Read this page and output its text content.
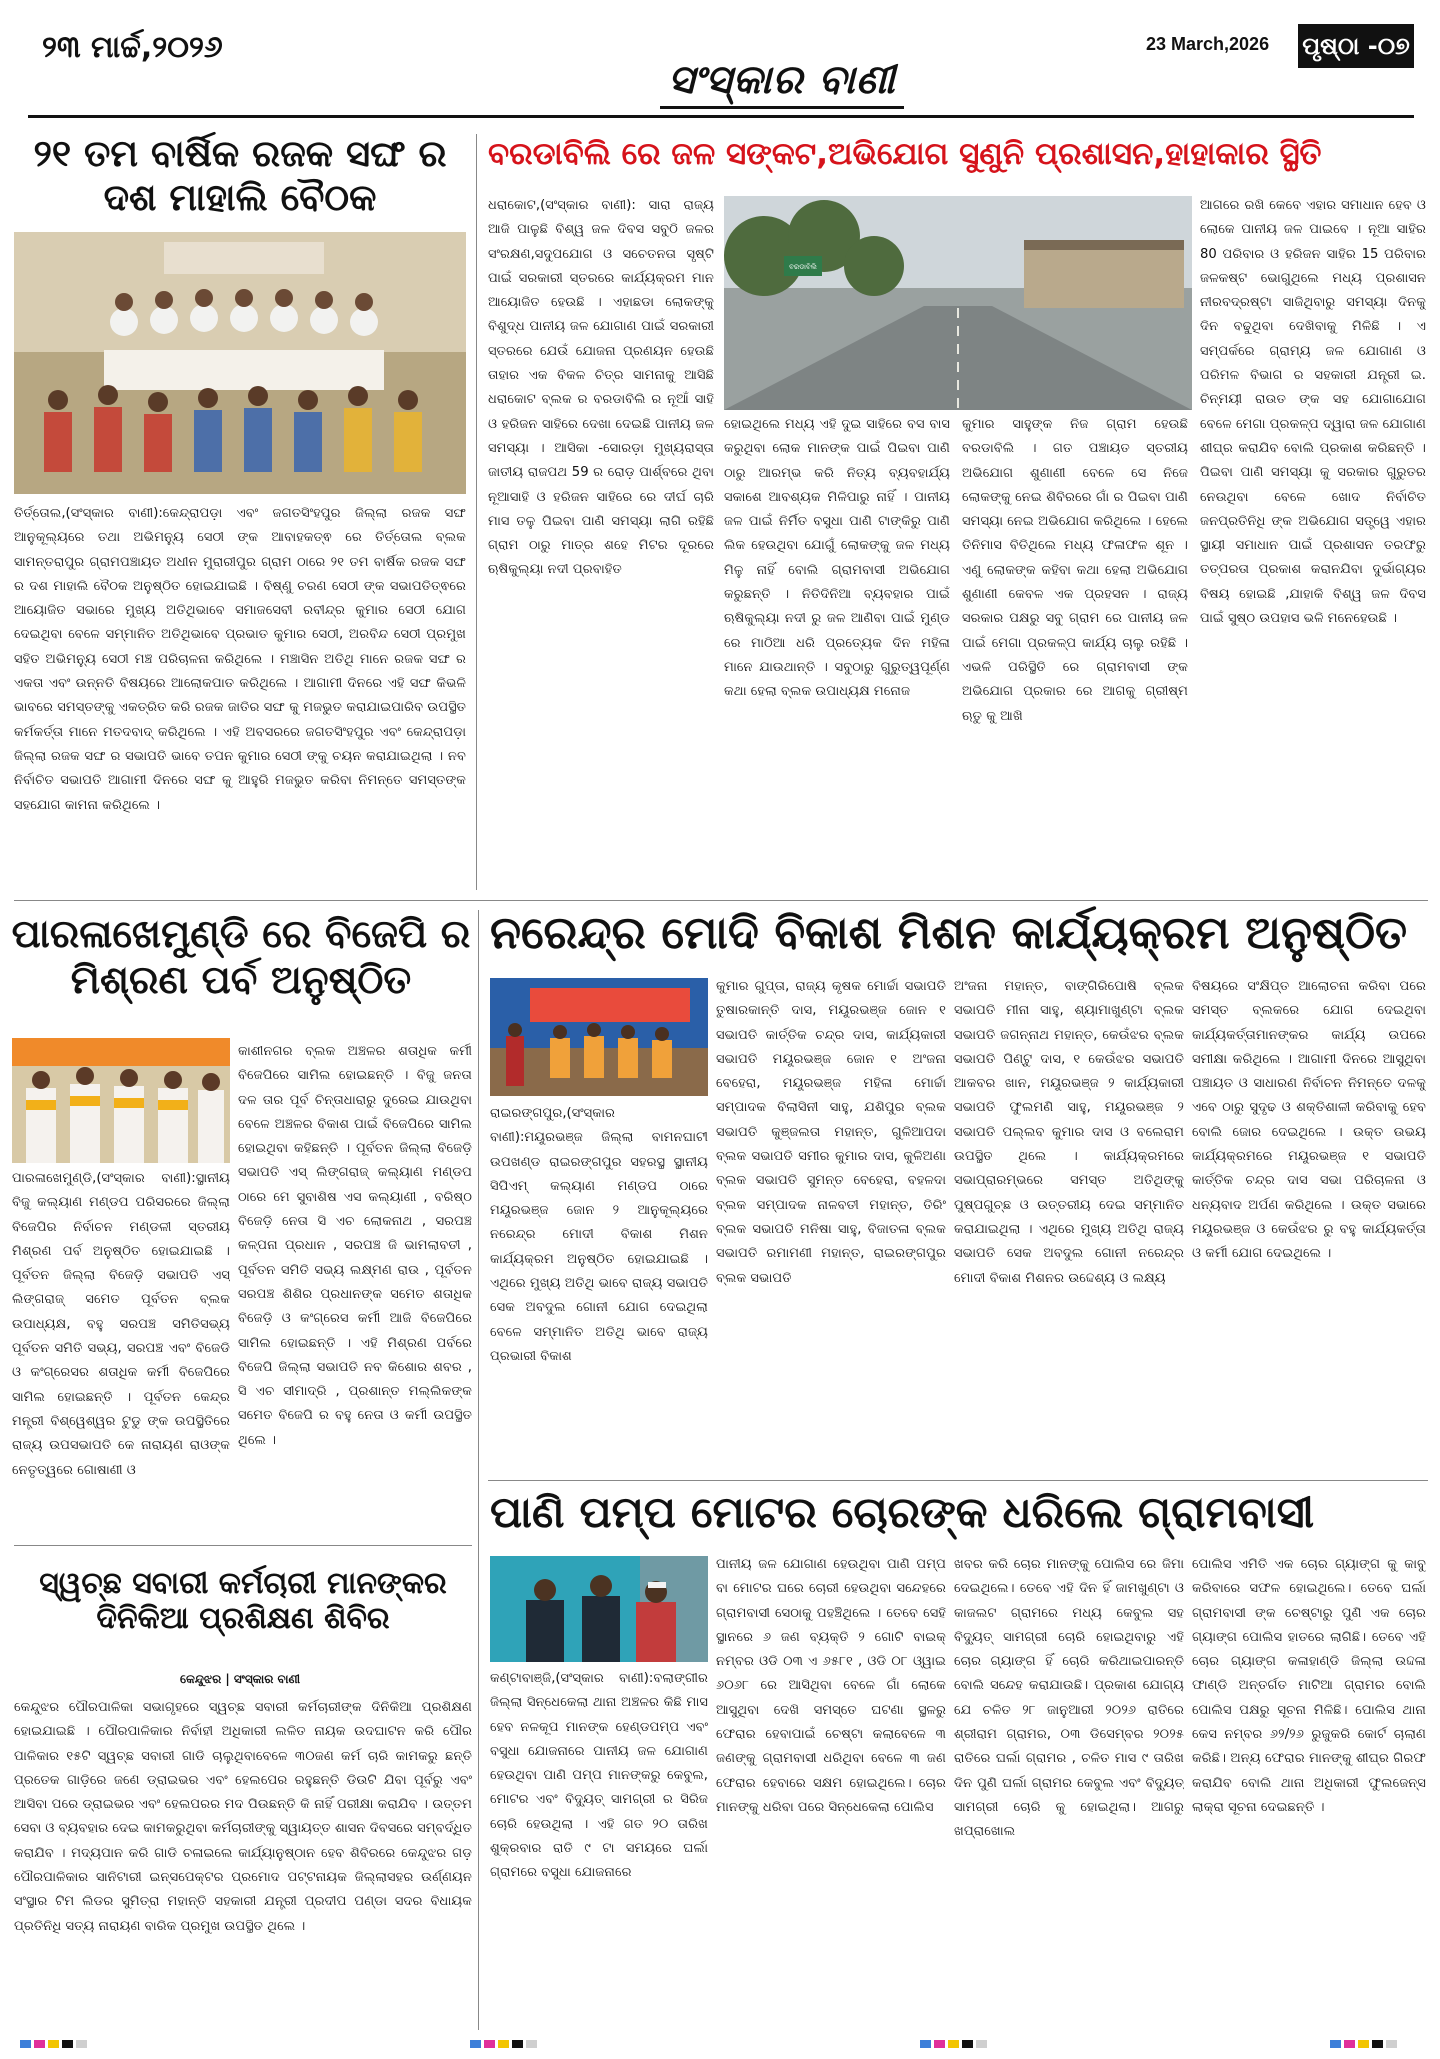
୨୩ ମାର୍ଚ୍ଚ,୨୦୨୬
ସଂସ୍କାର ବାଣୀ
23 March,2026 ପୃଷ୍ଠା -୦୭
୨୧ ତମ ବାର୍ଷିକ ରଜକ ସଙ୍ଘ ର ଦଶ ମାହାଲି ବୈଠକ
ତିର୍ତ୍ତୋଲ,(ସଂସ୍କାର ବାଣୀ):କେନ୍ଦ୍ରାପଡ଼ା ଏବଂ ଜଗତସିଂହପୁର ଜିଲ୍ଲା ରଜକ ସଙ୍ଘ ଆନୁକୂଲ୍ୟରେ ତଥା ଅଭିମନ୍ୟୁ ସେଠୀ ଙ୍କ ଆବାହକତ୍ଵ ରେ ତିର୍ତ୍ତୋଲ ବ୍ଲକ ସାମନ୍ତରାପୁର ଗ୍ରାମପଞ୍ଚାୟତ ଅଧୀନ ମୁରାରୀପୁର ଗ୍ରାମ ଠାରେ ୨୧ ତମ ବାର୍ଷିକ ରଜକ ସଙ୍ଘ ର ଦଶ ମାହାଲି ବୈଠକ ଅନୁଷ୍ଠିତ ହୋଇଯାଇଛି । ବିଷ୍ଣୁ ଚରଣ ସେଠୀ ଙ୍କ ସଭାପତିତ୍ଵରେ ଆୟୋଜିତ ସଭାରେ ମୁଖ୍ୟ ଅତିଥିଭାବେ ସମାଜସେବୀ ରବୀନ୍ଦ୍ର କୁମାର ସେଠୀ ଯୋଗ ଦେଇଥିବା ବେଳେ ସମ୍ମାନିତ ଅତିଥିଭାବେ ପ୍ରଭାତ କୁମାର ସେଠୀ, ଅରବିନ୍ଦ ସେଠୀ ପ୍ରମୁଖ ସହିତ ଅଭିମନ୍ୟୁ ସେଠୀ ମଞ୍ଚ ପରିଚାଳନା କରିଥିଲେ । ମଞ୍ଚାସିନ ଅତିଥି ମାନେ ରଜକ ସଙ୍ଘ ର ଏକତା ଏବଂ ଉନ୍ନତି ବିଷୟରେ ଆଲୋକପାତ କରିଥିଲେ । ଆଗାମୀ ଦିନରେ ଏହି ସଙ୍ଘ କିଭଳି ଭାବରେ ସମସ୍ତଙ୍କୁ ଏକତ୍ରିତ କରି ରଜକ ଜାତିର ସଙ୍ଘ କୁ ମଜଭୁତ କରାଯାଇପାରିବ ଉପସ୍ଥିତ କର୍ମକର୍ତ୍ତା ମାନେ ମତଦବାଦ୍ କରିଥିଲେ । ଏହି ଅବସରରେ ଜଗତସିଂହପୁର ଏବଂ କେନ୍ଦ୍ରାପଡ଼ା ଜିଲ୍ଲା ରଜକ ସଙ୍ଘ ର ସଭାପତି ଭାବେ ତପନ କୁମାର ସେଠୀ ଙ୍କୁ ଚୟନ କରାଯାଇଥିଲା । ନବ ନିର୍ବାଚିତ ସଭାପତି ଆଗାମୀ ଦିନରେ ସଙ୍ଘ କୁ ଆହୁରି ମଜଭୁତ କରିବା ନିମନ୍ତେ ସମସ୍ତଙ୍କ ସହଯୋଗ କାମନା କରିଥିଲେ ।
ବରଡାବିଲି ରେ ଜଳ ସଙ୍କଟ,ଅଭିଯୋଗ ସୁଣୁନି ପ୍ରଶାସନ,ହାହାକାର ସ୍ଥିତି
ବରଡାବିଲି
ଧରାକୋଟ,(ସଂସ୍କାର ବାଣୀ): ସାରା ରାଜ୍ୟ ଆଜି ପାଳୁଛି ବିଶ୍ୱ ଜଳ ଦିବସ ସବୁଠି ଜଳର ସଂରକ୍ଷଣ,ସଦୁପଯୋଗ ଓ ସଚେତନତା ସୃଷ୍ଟି ପାଇଁ ସରକାରୀ ସ୍ତରରେ କାର୍ଯ୍ୟକ୍ରମ ମାନ ଆୟୋଜିତ ହେଉଛି । ଏହାଛଡା ଲୋକଙ୍କୁ ବିଶୁଦ୍ଧ ପାନୀୟ ଜଳ ଯୋଗାଣ ପାଇଁ ସରକାରୀ ସ୍ତରରେ ଯେଉଁ ଯୋଜନା ପ୍ରଣୟନ ହେଉଛି ତାହାର ଏକ ବିକଳ ଚିତ୍ର ସାମନାକୁ ଆସିଛି ଧରାକୋଟ ବ୍ଲକ ର ବରଡାବିଲି ର ନୂଆଁ ସାହି ଓ ହରିଜନ ସାହିରେ ଦେଖା ଦେଇଛି ପାନୀୟ ଜଳ ସମସ୍ୟା । ଆସିକା -ସୋରଡ଼ା ମୁଖ୍ୟରାସ୍ତା ଜାତୀୟ ରାଜପଥ 59 ର ରୋଡ଼ ପାର୍ଶ୍ବରେ ଥିବା ନୂଆସାହି ଓ ହରିଜନ ସାହିରେ ରେ ଦୀର୍ଘ ଚାରି ମାସ ତଳୁ ପିଇବା ପାଣି ସମସ୍ୟା ଲାଗି ରହିଛି ଗ୍ରାମ ଠାରୁ ମାତ୍ର ଶହେ ମିଟର ଦୂରରେ ଋଷିକୁଲ୍ୟା ନଦୀ ପ୍ରବାହିତ
ହୋଇଥିଲେ ମଧ୍ୟ ଏହି ଦୁଇ ସାହିରେ ବସ ବାସ କରୁଥିବା ଲୋକ ମାନଙ୍କ ପାଇଁ ପିଇବା ପାଣି ଠାରୁ ଆରମ୍ଭ କରି ନିତ୍ୟ ବ୍ୟବହାର୍ଯ୍ୟ ସକାଶେ ଆବଶ୍ୟକ ମିଳିପାରୁ ନାହିଁ । ପାନୀୟ ଜଳ ପାଇଁ ନିର୍ମିତ ବସୁଧା ପାଣି ଟାଙ୍କିରୁ ପାଣି ଲିକ ହେଉଥିବା ଯୋଗୁଁ ଲୋକଙ୍କୁ ଜଳ ମଧ୍ୟ ମିଳୁ ନାହିଁ ବୋଲି ଗ୍ରାମବାସୀ ଅଭିଯୋଗ କରୁଛନ୍ତି । ନିତିଦିନିଆ ବ୍ୟବହାର ପାଇଁ ଋଷିକୁଲ୍ୟା ନଦୀ ରୁ ଜଳ ଆଣିବା ପାଇଁ ମୁଣ୍ଡ ରେ ମାଠିଆ ଧରି ପ୍ରତ୍ୟେକ ଦିନ ମହିଳା ମାନେ ଯାଉଥାନ୍ତି । ସବୁଠାରୁ ଗୁରୁତ୍ୱପୂର୍ଣ୍ଣ କଥା ହେଲା ବ୍ଲକ ଉପାଧ୍ୟକ୍ଷ ମନୋଜ
କୁମାର ସାହୁଙ୍କ ନିଜ ଗ୍ରାମ ହେଉଛି ବରଡାବିଲି । ଗତ ପଞ୍ଚାୟତ ସ୍ତରୀୟ ଅଭିଯୋଗ ଶୁଣାଣୀ ବେଳେ ସେ ନିଜେ ଲୋକଙ୍କୁ ନେଇ ଶିବିରରେ ଗାଁ ର ପିଇବା ପାଣି ସମସ୍ୟା ନେଇ ଅଭିଯୋଗ କରିଥିଲେ । ହେଲେ ତିନିମାସ ବିତିଥିଲେ ମଧ୍ୟ ଫଳାଫଳ ଶୂନ । ଏଣୁ ଲୋକଙ୍କ କହିବା କଥା ହେଲା ଅଭିଯୋଗ ଶୁଣାଣୀ କେବଳ ଏକ ପ୍ରହସନ । ରାଜ୍ୟ ସରକାର ପକ୍ଷରୁ ସବୁ ଗ୍ରାମ ରେ ପାନୀୟ ଜଳ ପାଇଁ ମେଗା ପ୍ରକଳ୍ପ କାର୍ଯ୍ୟ ଚାଲୁ ରହିଛି । ଏଭଳି ପରିସ୍ଥିତି ରେ ଗ୍ରାମବାସୀ ଙ୍କ ଅଭିଯୋଗ ପ୍ରକାର ରେ ଆଗକୁ ଗ୍ରୀଷ୍ମ ଋତୁ କୁ ଆଖି
ଆଗରେ ରଖି କେବେ ଏହାର ସମାଧାନ ହେବ ଓ ଲୋକେ ପାନୀୟ ଜଳ ପାଇବେ । ନୂଆ ସାହିର 80 ପରିବାର ଓ ହରିଜନ ସାହିର 15 ପରିବାର ଜଳକଷ୍ଟ ଭୋଗୁଥିଲେ ମଧ୍ୟ ପ୍ରଶାସନ ନୀରବଦ୍ରଷ୍ଟା ସାଜିଥିବାରୁ ସମସ୍ୟା ଦିନକୁ ଦିନ ବଢୁଥିବା ଦେଖିବାକୁ ମିଳିଛି । ଏ ସମ୍ପର୍କରେ ଗ୍ରାମ୍ୟ ଜଳ ଯୋଗାଣ ଓ ପରିମଳ ବିଭାଗ ର ସହକାରୀ ଯନ୍ତ୍ରୀ ଇ. ଚିନ୍ମୟୀ ରାଉତ ଙ୍କ ସହ ଯୋଗାଯୋଗ ବେଳେ ମେଗା ପ୍ରକଳ୍ପ ଦ୍ୱାରା ଜଳ ଯୋଗାଣ ଶୀଘ୍ର କରାଯିବ ବୋଲି ପ୍ରକାଶ କରିଛନ୍ତି । ପିଇବା ପାଣି ସମସ୍ୟା କୁ ସରକାର ଗୁରୁତର ନେଉଥିବା ବେଳେ ଖୋଦ ନିର୍ବାଚିତ ଜନପ୍ରତିନିଧି ଙ୍କ ଅଭିଯୋଗ ସତ୍ତ୍ୱେ ଏହାର ସ୍ଥାୟୀ ସମାଧାନ ପାଇଁ ପ୍ରଶାସନ ତରଫରୁ ତତ୍ପରତା ପ୍ରକାଶ କରାନଯିବା ଦୁର୍ଭାଗ୍ୟର ବିଷୟ ହୋଇଛି ,ଯାହାକି ବିଶ୍ୱ ଜଳ ଦିବସ ପାଇଁ ସୁଷ୍ଠ ଉପହାସ ଭଳି ମନେହେଉଛି ।
ପାରଳାଖେମୁଣ୍ଡି ରେ ବିଜେପି ର ମିଶ୍ରଣ ପର୍ବ ଅନୁଷ୍ଠିତ
କାଶୀନଗର ବ୍ଲକ ଅଞ୍ଚଳର ଶତାଧିକ କର୍ମୀ ବିଜେପିରେ ସାମିଲ ହୋଇଛନ୍ତି । ବିଜୁ ଜନତା ଦଳ ତାର ପୂର୍ବ ଚିନ୍ତାଧାରାରୁ ଦୁରେଇ ଯାଉଥିବା ବେଳେ ଅଞ୍ଚଳର ବିକାଶ ପାଇଁ ବିଜେପିରେ ସାମିଲ ହୋଇଥିବା କହିଛନ୍ତି । ପୂର୍ବତନ ଜିଲ୍ଲା ବିଜେଡ଼ି ସଭାପତି ଏସ୍ ଲିଙ୍ଗରାଜ୍ କଲ୍ୟାଣ ମଣ୍ଡପ ଠାରେ ମେ ସୁବାଶିଷ ଏସ କଲ୍ୟାଣୀ , ବରିଷ୍ଠ ବିଜେଡ଼ି ନେତା ସି ଏଚ ଲୋକନାଥ , ସରପଞ୍ଚ କଳ୍ପନା ପ୍ରଧାନ , ସରପଞ୍ଚ ଜି ଭାମଲାବତୀ , ପୂର୍ବତନ ସମିତି ସଭ୍ୟ ଲକ୍ଷ୍ମଣ ରାଉ , ପୂର୍ବତନ ସରପଞ୍ଚ ଶିଶିର ପ୍ରଧାନଙ୍କ ସମେତ ଶତାଧିକ ବିଜେଡ଼ି ଓ କଂଗ୍ରେସ କର୍ମୀ ଆଜି ବିଜେପିରେ ସାମିଲ ହୋଇଛନ୍ତି । ଏହି ମିଶ୍ରଣ ପର୍ବରେ ବିଜେପି ଜିଲ୍ଲା ସଭାପତି ନବ କିଶୋର ଶବର , ସି ଏଚ ସୀମାଦ୍ରି , ପ୍ରଶାନ୍ତ ମଲ୍ଲିକଙ୍କ ସମେତ ବିଜେପି ର ବହୁ ନେତା ଓ କର୍ମୀ ଉପସ୍ଥିତ ଥିଲେ ।
ପାରଳାଖେମୁଣ୍ଡି,(ସଂସ୍କାର ବାଣୀ):ସ୍ଥାନୀୟ ବିଜୁ କଲ୍ୟାଣ ମଣ୍ଡପ ପରିସରରେ ଜିଲ୍ଲା ବିଜେପିର ନିର୍ବାଚନ ମଣ୍ଡଳୀ ସ୍ତରୀୟ ମିଶ୍ରଣ ପର୍ବ ଅନୁଷ୍ଠିତ ହୋଇଯାଇଛି । ପୂର୍ବତନ ଜିଲ୍ଲା ବିଜେଡ଼ି ସଭାପତି ଏସ୍ ଲିଙ୍ଗରାଜ୍ ସମେତ ପୂର୍ବତନ ବ୍ଲକ ଉପାଧ୍ୟକ୍ଷ, ବହୁ ସରପଞ୍ଚ ସମିତିସଭ୍ୟ ପୂର୍ବତନ ସମିତି ସଭ୍ୟ, ସରପଞ୍ଚ ଏବଂ ବିଜେଡି ଓ କଂଗ୍ରେସର ଶତାଧିକ କର୍ମୀ ବିଜେପିରେ ସାମିଲ ହୋଇଛନ୍ତି । ପୂର୍ବତନ କେନ୍ଦ୍ର ମନ୍ତ୍ରୀ ବିଶ୍ୱେଶ୍ୱର ଟୁଡୁ ଙ୍କ ଉପସ୍ଥିତିରେ ରାଜ୍ୟ ଉପସଭାପତି କେ ନାରାୟଣ ରାଓଙ୍କ ନେତୃତ୍ୱରେ ଗୋଷାଣୀ ଓ
ନରେନ୍ଦ୍ର ମୋଦି ବିକାଶ ମିଶନ କାର୍ଯ୍ୟକ୍ରମ ଅନୁଷ୍ଠିତ
ରାଇରଙ୍ଗପୁର,(ସଂସ୍କାର ବାଣୀ):ମୟୂରଭଞ୍ଜ ଜିଲ୍ଲା ବାମନଘାଟୀ ଉପଖଣ୍ଡ ରାଇରଙ୍ଗପୁର ସହରସ୍ଥ ସ୍ଥାନୀୟ ସିପିଏମ୍ କଲ୍ୟାଣ ମଣ୍ଡପ ଠାରେ ମୟୂରଭଞ୍ଜ ଜୋନ ୨ ଆନୁକୂଲ୍ୟରେ ନରେନ୍ଦ୍ର ମୋଦୀ ବିକାଶ ମିଶନ କାର୍ଯ୍ୟକ୍ରମ ଅନୁଷ୍ଠିତ ହୋଇଯାଇଛି । ଏଥିରେ ମୁଖ୍ୟ ଅତିଥି ଭାବେ ରାଜ୍ୟ ସଭାପତି ସେକ ଅବଦୁଲ ଗୋନୀ ଯୋଗ ଦେଇଥିଲା ବେଳେ ସମ୍ମାନିତ ଅତିଥି ଭାବେ ରାଜ୍ୟ ପ୍ରଭାରୀ ବିକାଶ
କୁମାର ଗୁପ୍ତା, ରାଜ୍ୟ କୃଷକ ମୋର୍ଚ୍ଚା ସଭାପତି ତୁଷାରକାନ୍ତି ଦାସ, ମୟୂରଭଞ୍ଜ ଜୋନ ୧ ସଭାପତି କାର୍ତ୍ତିକ ଚନ୍ଦ୍ର ଦାସ, କାର୍ଯ୍ୟକାରୀ ସଭାପତି ମୟୂରଭଞ୍ଜ ଜୋନ ୧ ଅଂଜନା ବେହେରା, ମୟୂରଭଞ୍ଜ ମହିଳା ମୋର୍ଚ୍ଚା ସମ୍ପାଦକ ବିଲାସିନୀ ସାହୁ, ଯଶିପୁର ବ୍ଲକ ସଭାପତି କୁଞ୍ଜଲତା ମହାନ୍ତ, ଗୁଳିଆପଦା ବ୍ଲକ ସଭାପତି ସମୀର କୁମାର ଦାସ, କୁଳିଅଣା ବ୍ଲକ ସଭାପତି ସୁମନ୍ତ ବେହେରା, ବହଳଦା ବ୍ଲକ ସମ୍ପାଦକ ନାଳବତୀ ମହାନ୍ତ, ତିରିଂ ବ୍ଲକ ସଭାପତି ମନିଷା ସାହୁ, ବିଜାତଳା ବ୍ଲକ ସଭାପତି ରମାମଣୀ ମହାନ୍ତ, ରାଇରଙ୍ଗପୁର ବ୍ଲକ ସଭାପତି
ଅଂଜନା ମହାନ୍ତ, ବାଙ୍ଗିରିପୋଷି ବ୍ଲକ ସଭାପତି ମୀନା ସାହୁ, ଶ୍ୟାମାଖୁଣ୍ଟା ବ୍ଲକ ସଭାପତି ଜଗନ୍ନାଥ ମହାନ୍ତ, କେଉଁଝର ବ୍ଲକ ସଭାପତି ପିଣ୍ଟୁ ଦାସ, ୧ କେଉଁଝର ସଭାପତି ଆକବର ଖାନ, ମୟୂରଭଞ୍ଜ ୨ କାର୍ଯ୍ୟକାରୀ ସଭାପତି ଫୁଲମଣି ସାହୁ, ମୟୂରଭଞ୍ଜ ୨ ସଭାପତି ପଲ୍ଲବ କୁମାର ଦାସ ଓ ବଲେରାମ ଉପସ୍ଥିତ ଥିଲେ । କାର୍ଯ୍ୟକ୍ରମରେ ସଭାପ୍ରାରମ୍ଭରେ ସମସ୍ତ ଅତିଥିଙ୍କୁ ପୁଷ୍ପଗୁଚ୍ଛ ଓ ଉତ୍ତରୀୟ ଦେଇ ସମ୍ମାନିତ କରାଯାଇଥିଲା । ଏଥିରେ ମୁଖ୍ୟ ଅତିଥି ରାଜ୍ୟ ସଭାପତି ସେକ ଅବଦୁଲ ଗୋନୀ ନରେନ୍ଦ୍ର ମୋଦୀ ବିକାଶ ମିଶନର ଉଦ୍ଦେଶ୍ୟ ଓ ଲକ୍ଷ୍ୟ
ବିଷୟରେ ସଂକ୍ଷିପ୍ତ ଆଲୋଚନା କରିବା ପରେ ସମସ୍ତ ବ୍ଲକରେ ଯୋଗ ଦେଇଥିବା କାର୍ଯ୍ୟକର୍ତ୍ତାମାନଙ୍କର କାର୍ଯ୍ୟ ଉପରେ ସମୀକ୍ଷା କରିଥିଲେ । ଆଗାମୀ ଦିନରେ ଆସୁଥିବା ପଞ୍ଚାୟତ ଓ ସାଧାରଣ ନିର୍ବାଚନ ନିମନ୍ତେ ଦଳକୁ ଏବେ ଠାରୁ ସୁଦୃଢ ଓ ଶକ୍ତିଶାଳୀ କରିବାକୁ ହେବ ବୋଲି ଜୋର ଦେଇଥିଲେ । ଉକ୍ତ ଉଭୟ କାର୍ଯ୍ୟକ୍ରମରେ ମୟୂରଭଞ୍ଜ ୧ ସଭାପତି କାର୍ତ୍ତିକ ଚନ୍ଦ୍ର ଦାସ ସଭା ପରିଚାଳନା ଓ ଧନ୍ୟବାଦ ଅର୍ପଣ କରିଥିଲେ । ଉକ୍ତ ସଭାରେ ମୟୂରଭଞ୍ଜ ଓ କେଉଁଝର ରୁ ବହୁ କାର୍ଯ୍ୟକର୍ତ୍ତା ଓ କର୍ମୀ ଯୋଗ ଦେଇଥିଲେ ।
ସ୍ୱଚ୍ଛ ସବାରୀ କର୍ମଚାରୀ ମାନଙ୍କର ଦିନିକିଆ ପ୍ରଶିକ୍ଷଣ ଶିବିର
କେନ୍ଦୁଝର | ସଂସ୍କାର ବାଣୀ
କେନ୍ଦୁଝର ପୌରପାଳିକା ସଭାଗୃହରେ ସ୍ୱଚ୍ଛ ସବାରୀ କର୍ମଚାରୀଙ୍କ ଦିନିକିଆ ପ୍ରଶିକ୍ଷଣ ହୋଇଯାଇଛି । ପୌରପାଳିକାର ନିର୍ବାହୀ ଅଧିକାରୀ ଲଳିତ ନାୟକ ଉଦଘାଟନ କରି ପୌର ପାଳିକାର ୧୫ଟି ସ୍ୱଚ୍ଛ ସବାରୀ ଗାଡି ଚାଲୁଥିବାବେଳେ ୩୦ଜଣ କର୍ମ ଚାରି କାମକରୁ ଛନ୍ତି ପ୍ରତେକ ଗାଡ଼ିରେ ଜଣେ ଡ୍ରାଇଭର ଏବଂ ହେଲପେର ରହୁଛନ୍ତି ଡିଉଟି ଯିବା ପୂର୍ବରୁ ଏବଂ ଆସିବା ପରେ ଡ୍ରାଇଭର ଏବଂ ହେଲପରର ମଦ ପିଉଛନ୍ତି କି ନାହିଁ ପରୀକ୍ଷା କରାଯିବ । ଉତ୍ତମ ସେବା ଓ ବ୍ୟବହାର ଦେଇ କାମକରୁଥିବା କର୍ମଚାରୀଙ୍କୁ ସ୍ୱାୟତ୍ତ ଶାସନ ଦିବସରେ ସମ୍ବର୍ଦ୍ଧିତ କରାଯିବ । ମଦ୍ୟପାନ କରି ଗାଡି ଚଳାଇଲେ କାର୍ଯ୍ୟାନୁଷ୍ଠାନ ହେବ ଶିବିରରେ କେନ୍ଦୁଝର ଗଡ଼ ପୌରପାଳିକାର ସାନିଟାରୀ ଇନ୍ସପେକ୍ଟର ପ୍ରମୋଦ ପଟ୍ଟନାୟକ ଜିଲ୍ଲାସହର ଉର୍ଣ୍ଣୟନ ସଂସ୍ଥାର ଟିମ ଲିଡର ସୁମିତ୍ରା ମହାନ୍ତି ସହକାରୀ ଯନ୍ତ୍ରୀ ପ୍ରଦୀପ ପଣ୍ଡା ସଦର ବିଧାୟକ ପ୍ରତିନିଧି ସତ୍ୟ ନାରାୟଣ ବାରିକ ପ୍ରମୁଖ ଉପସ୍ଥିତ ଥିଲେ ।
ପାଣି ପମ୍ପ ମୋଟର ଚୋରଙ୍କ ଧରିଲେ ଗ୍ରାମବାସୀ
କଣ୍ଟାବାଞ୍ଜି,(ସଂସ୍କାର ବାଣୀ):ବଲାଙ୍ଗୀର ଜିଲ୍ଲା ସିନ୍ଧେକେଲା ଥାନା ଅଞ୍ଚଳର କିଛି ମାସ ହେବ ନଳକୂପ ମାନଙ୍କ ହେଣ୍ଡପମ୍ପ ଏବଂ ବସୁଧା ଯୋଜନାରେ ପାନୀୟ ଜଳ ଯୋଗାଣ ହେଉଥିବା ପାଣି ପମ୍ପ ମାନଙ୍କରୁ କେବୁଲ, ମୋଟର ଏବଂ ବିଦ୍ୟୁତ୍ ସାମଗ୍ରୀ ର ସିରିଜ ଚୋରି ହେଉଥିଲା । ଏହି ଗତ ୨୦ ତାରିଖ ଶୁକ୍ରବାର ରାତି ୯ ଟା ସମୟରେ ଘର୍ଲା ଗ୍ରାମରେ ବସୁଧା ଯୋଜନାରେ
ପାନୀୟ ଜଳ ଯୋଗାଣ ହେଉଥିବା ପାଣି ପମ୍ପ ବା ମୋଟର ଘରେ ଚୋରୀ ହେଉଥିବା ସନ୍ଦେହରେ ଗ୍ରାମବାସୀ ସେଠାକୁ ପହଞ୍ଚିଥିଲେ । ତେବେ ସେହି ସ୍ଥାନରେ ୬ ଜଣ ବ୍ୟକ୍ତି ୨ ଗୋଟି ବାଇକ୍ ନମ୍ବର ଓଡି ୦୩ ଏ ୬୫୮୧ , ଓଡି ୦୮ ଓ୍ୱାଇ ୬୦୬୮ ରେ ଆସିଥିବା ବେଳେ ଗାଁ ଲୋକେ ଆସୁଥିବା ଦେଖି ସମସ୍ତେ ଘଟଣା ସ୍ଥଳରୁ ଫେରାର ହେବାପାଇଁ ଚେଷ୍ଟା କଲାବେଳେ ୩ ଜଣଙ୍କୁ ଗ୍ରାମବାସୀ ଧରିଥିବା ବେଳେ ୩ ଜଣ ଫେରାର ହେବାରେ ସକ୍ଷମ ହୋଇଥିଲେ। ଚୋର ମାନଙ୍କୁ ଧରିବା ପରେ ସିନ୍ଧେକେଲା ପୋଲିସ
ଖବର କରି ଚୋର ମାନଙ୍କୁ ପୋଲିସ ରେ ଜିମା ଦେଇଥିଲେ। ତେବେ ଏହି ଦିନ ହିଁ ଜାମଖୁଣ୍ଟା ଓ କାଜଲଟ ଗ୍ରାମରେ ମଧ୍ୟ କେବୁଲ ସହ ବିଦ୍ୟୁତ୍ ସାମଗ୍ରୀ ଚୋରି ହୋଇଥିବାରୁ ଏହି ଚୋର ଗ୍ୟାଙ୍ଗ ହିଁ ଚୋରି କରିଥାଇପାରନ୍ତି ବୋଲି ସନ୍ଦେହ କରାଯାଉଛି। ପ୍ରକାଶ ଯୋଗ୍ୟ ଯେ ଚଳିତ ୨୮ ଜାନୁଆରୀ ୨୦୨୬ ରାତିରେ ଶ୍ରୀରାମ ଗ୍ରାମର, ୦୩ ଡିସେମ୍ବର ୨୦୨୫ ରାତିରେ ଘର୍ଲା ଗ୍ରାମର , ଚଳିତ ମାସ ୯ ତାରିଖ ଦିନ ପୁଣି ଘର୍ଲା ଗ୍ରାମର କେବୁଲ ଏବଂ ବିଦ୍ୟୁତ୍ ସାମଗ୍ରୀ ଚୋରି କୁ ହୋଇଥିଲା। ଆଗରୁ ଖପ୍ରାଖୋଲ
ପୋଲିସ ଏମିତି ଏକ ଚୋର ଗ୍ୟାଙ୍ଗ କୁ କାବୁ କରିବାରେ ସଫଳ ହୋଇଥିଲେ। ତେବେ ଘର୍ଲା ଗ୍ରାମବାସୀ ଙ୍କ ଚେଷ୍ଟାରୁ ପୁଣି ଏକ ଚୋର ଗ୍ୟାଙ୍ଗ ପୋଲିସ ହାତରେ ଲାଗିଛି। ତେବେ ଏହି ଚୋର ଗ୍ୟାଙ୍ଗ କଳାହାଣ୍ଡି ଜିଲ୍ଲା ଉଦ୍ଦଳା ଫାଣ୍ଡି ଅନ୍ତର୍ଗତ ମାଟିଆ ଗ୍ରାମର ବୋଲି ପୋଲିସ ପକ୍ଷରୁ ସୂଚନା ମିଳିଛି। ପୋଲିସ ଥାନା କେସ ନମ୍ବର ୬୨/୨୬ ରୁଜୁକରି କୋର୍ଟ ଚାଲାଣ କରିଛି। ଅନ୍ୟ ଫେରାର ମାନଙ୍କୁ ଶୀଘ୍ର ଗିରଫ କରାଯିବ ବୋଲି ଥାନା ଅଧିକାରୀ ଫୁଲଜେନ୍ସ ଲାକ୍ରା ସୂଚନା ଦେଇଛନ୍ତି ।
